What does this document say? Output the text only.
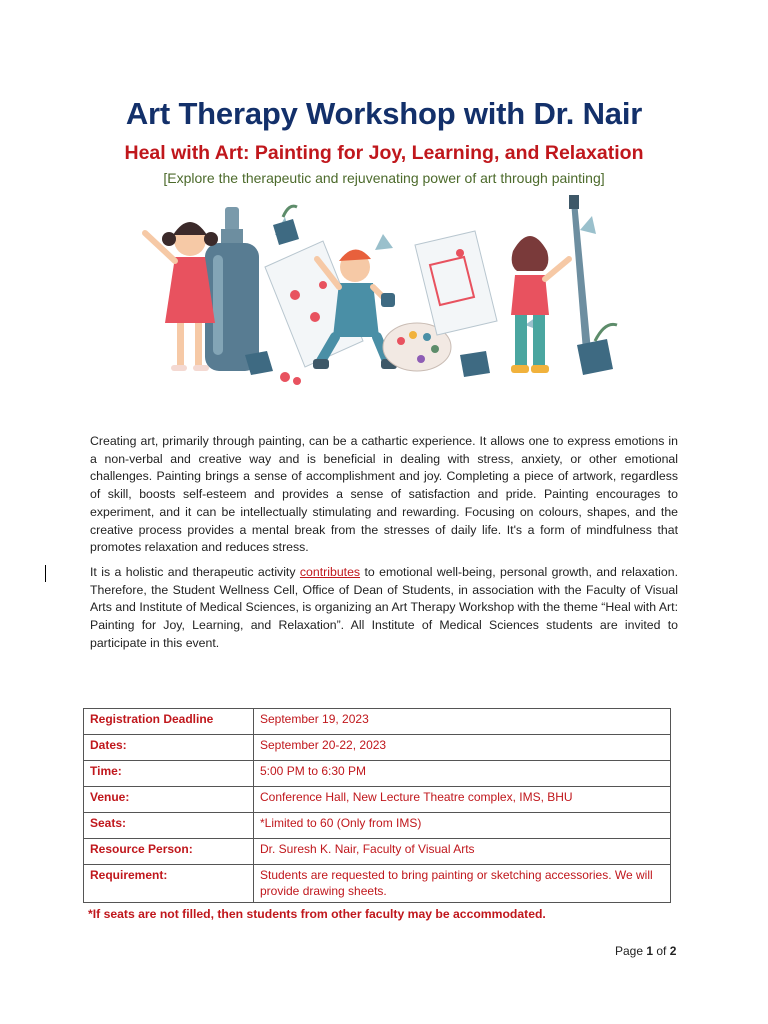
Art Therapy Workshop with Dr. Nair
Heal with Art: Painting for Joy, Learning, and Relaxation
[Explore the therapeutic and rejuvenating power of art through painting]

Creating art, primarily through painting, can be a cathartic experience. It allows one to express emotions in a non-verbal and creative way and is beneficial in dealing with stress, anxiety, or other emotional challenges. Painting brings a sense of accomplishment and joy. Completing a piece of artwork, regardless of skill, boosts self-esteem and provides a sense of satisfaction and pride. Painting encourages to experiment, and it can be intellectually stimulating and rewarding. Focusing on colours, shapes, and the creative process provides a mental break from the stresses of daily life. It's a form of mindfulness that promotes relaxation and reduces stress.

It is a holistic and therapeutic activity contributes to emotional well-being, personal growth, and relaxation. Therefore, the Student Wellness Cell, Office of Dean of Students, in association with the Faculty of Visual Arts and Institute of Medical Sciences, is organizing an Art Therapy Workshop with the theme “Heal with Art: Painting for Joy, Learning, and Relaxation”. All Institute of Medical Sciences students are invited to participate in this event.

Registration Deadline	September 19, 2023
Dates:	September 20-22, 2023
Time:	5:00 PM to 6:30 PM
Venue:	Conference Hall, New Lecture Theatre complex, IMS, BHU
Seats:	*Limited to 60 (Only from IMS)
Resource Person:	Dr. Suresh K. Nair, Faculty of Visual Arts
Requirement:	Students are requested to bring painting or sketching accessories. We will provide drawing sheets.
*If seats are not filled, then students from other faculty may be accommodated.
Page 1 of 2
